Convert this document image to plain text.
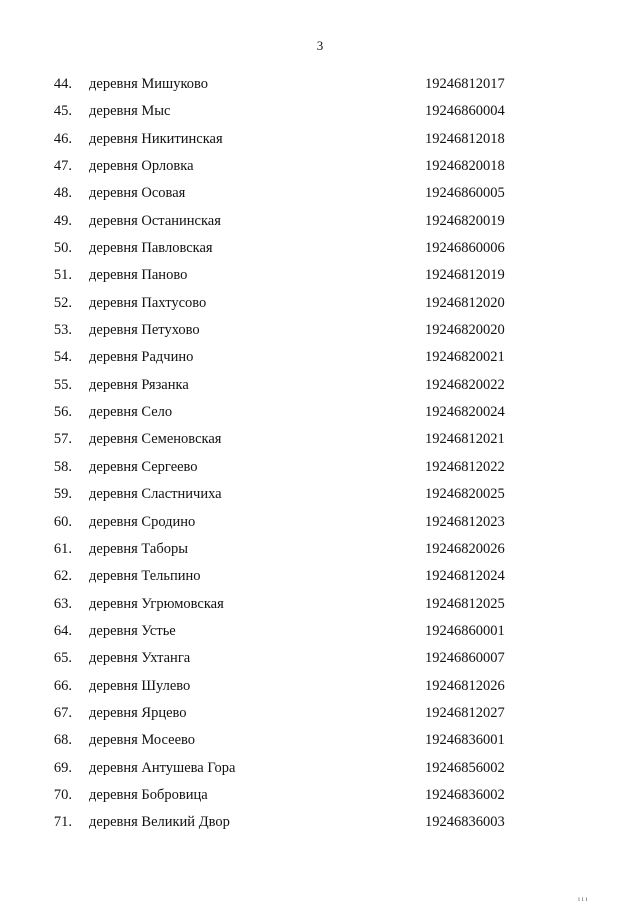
3
44. деревня Мишуково	19246812017
45. деревня Мыс	19246860004
46. деревня Никитинская	19246812018
47. деревня Орловка	19246820018
48. деревня Осовая	19246860005
49. деревня Останинская	19246820019
50. деревня Павловская	19246860006
51. деревня Паново	19246812019
52. деревня Пахтусово	19246812020
53. деревня Петухово	19246820020
54. деревня Радчино	19246820021
55. деревня Рязанка	19246820022
56. деревня Село	19246820024
57. деревня Семеновская	19246812021
58. деревня Сергеево	19246812022
59. деревня Сластничиха	19246820025
60. деревня Сродино	19246812023
61. деревня Таборы	19246820026
62. деревня Тельпино	19246812024
63. деревня Угрюмовская	19246812025
64. деревня Устье	19246860001
65. деревня Ухтанга	19246860007
66. деревня Шулево	19246812026
67. деревня Ярцево	19246812027
68. деревня Мосеево	19246836001
69. деревня Антушева Гора	19246856002
70. деревня Бобровица	19246836002
71. деревня Великий Двор	19246836003
ı ı ı
